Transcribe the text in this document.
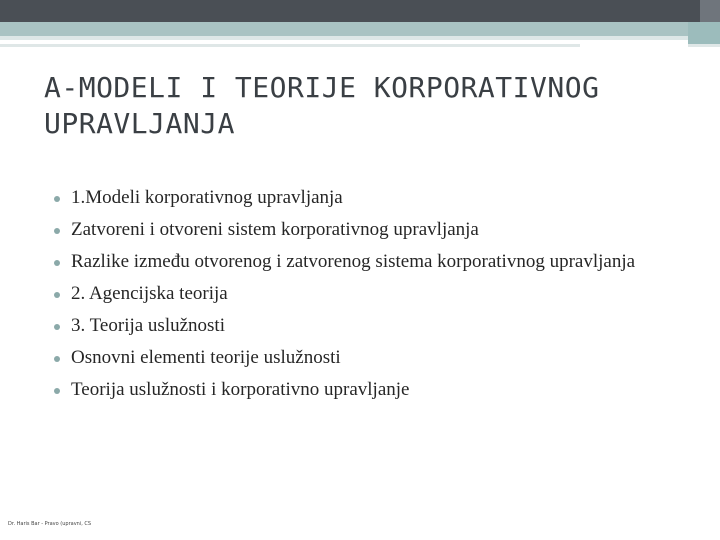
A-MODELI I TEORIJE KORPORATIVNOG UPRAVLJANJA
1.Modeli korporativnog upravljanja
Zatvoreni i otvoreni sistem korporativnog upravljanja
Razlike između otvorenog i zatvorenog sistema korporativnog upravljanja
2. Agencijska teorija
3. Teorija uslužnosti
Osnovni elementi teorije uslužnosti
Teorija uslužnosti i korporativno upravljanje
Dr. Haris Bar - Pravo (upravni, CS
